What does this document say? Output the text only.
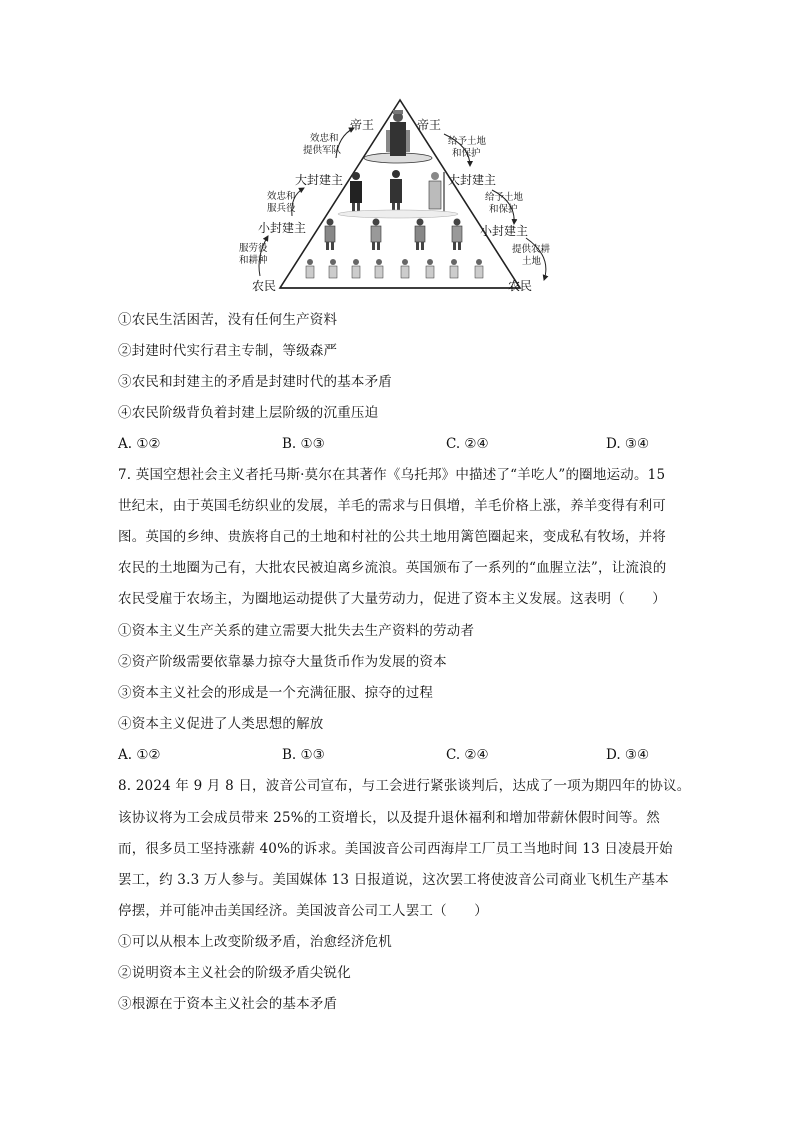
帝王	帝王
大封建主	大封建主
小封建主	小封建主
农民	农民
效忠和
提供军队
效忠和
服兵役
服劳役
和耕种
给予土地
和保护
给予土地
和保护
提供农耕
土地
①农民生活困苦，没有任何生产资料
②封建时代实行君主专制，等级森严
③农民和封建主的矛盾是封建时代的基本矛盾
④农民阶级背负着封建上层阶级的沉重压迫
A. ①②	B. ①③	C. ②④	D. ③④
7. 英国空想社会主义者托马斯·莫尔在其著作《乌托邦》中描述了“羊吃人”的圈地运动。15
世纪末，由于英国毛纺织业的发展，羊毛的需求与日俱增，羊毛价格上涨，养羊变得有利可
图。英国的乡绅、贵族将自己的土地和村社的公共土地用篱笆圈起来，变成私有牧场，并将
农民的土地圈为己有，大批农民被迫离乡流浪。英国颁布了一系列的“血腥立法”，让流浪的
农民受雇于农场主，为圈地运动提供了大量劳动力，促进了资本主义发展。这表明（　　）
①资本主义生产关系的建立需要大批失去生产资料的劳动者
②资产阶级需要依靠暴力掠夺大量货币作为发展的资本
③资本主义社会的形成是一个充满征服、掠夺的过程
④资本主义促进了人类思想的解放
A. ①②	B. ①③	C. ②④	D. ③④
8. 2024 年 9 月 8 日，波音公司宣布，与工会进行紧张谈判后，达成了一项为期四年的协议。
该协议将为工会成员带来 25%的工资增长，以及提升退休福利和增加带薪休假时间等。然
而，很多员工坚持涨薪 40%的诉求。美国波音公司西海岸工厂员工当地时间 13 日凌晨开始
罢工，约 3.3 万人参与。美国媒体 13 日报道说，这次罢工将使波音公司商业飞机生产基本
停摆，并可能冲击美国经济。美国波音公司工人罢工（　　）
①可以从根本上改变阶级矛盾，治愈经济危机
②说明资本主义社会的阶级矛盾尖锐化
③根源在于资本主义社会的基本矛盾
